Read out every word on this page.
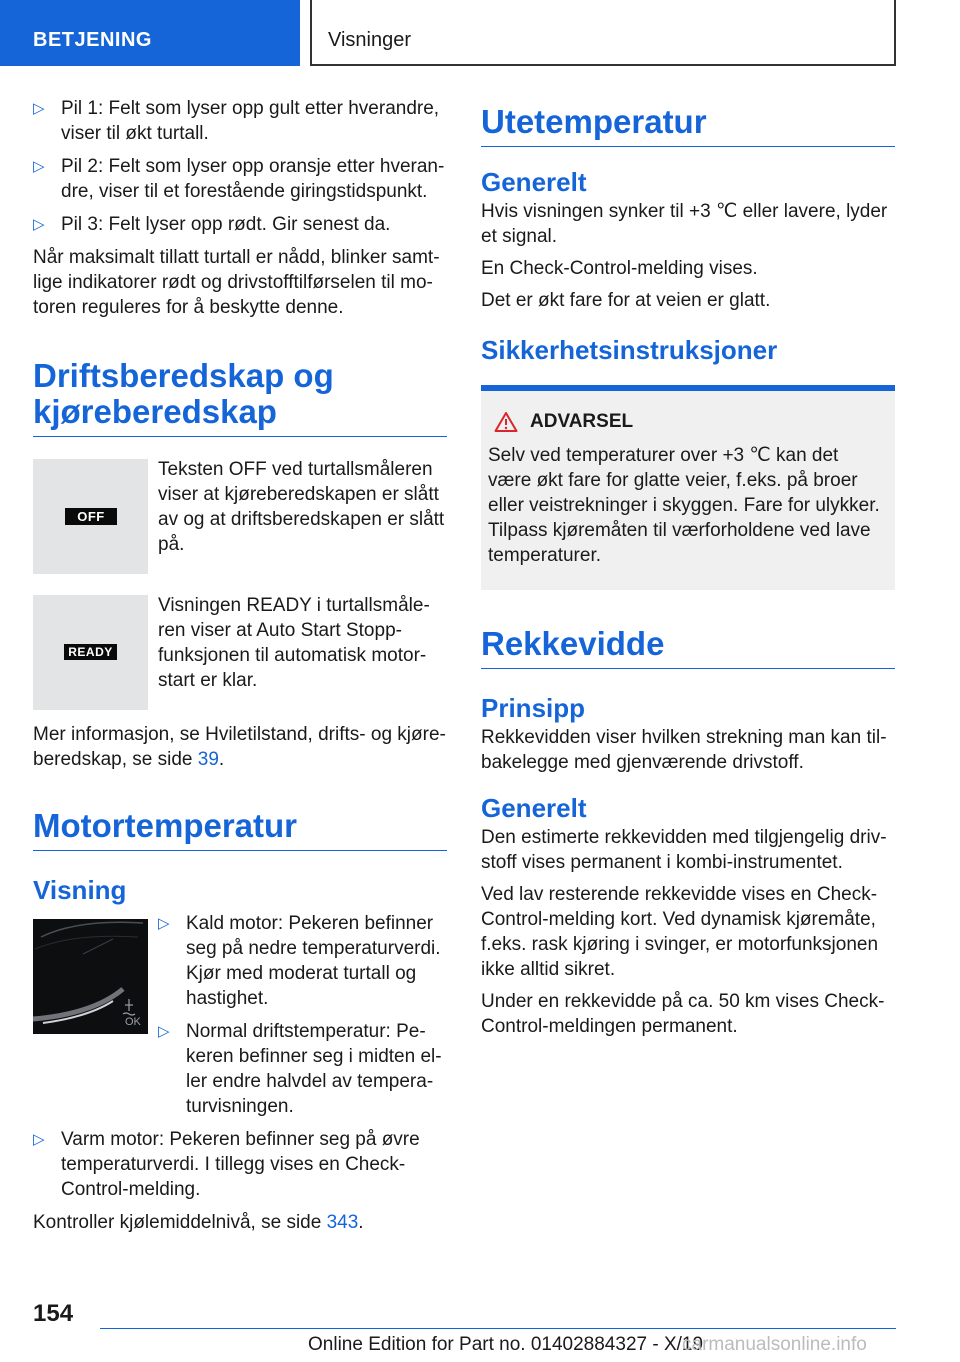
BETJENING	Visninger
▷ Pil 1: Felt som lyser opp gult etter hverandre, viser til økt turtall.
▷ Pil 2: Felt som lyser opp oransje etter hverandre, viser til et forestående giringstidspunkt.
▷ Pil 3: Felt lyser opp rødt. Gir senest da.

Når maksimalt tillatt turtall er nådd, blinker samtlige indikatorer rødt og drivstofftilførselen til motoren reguleres for å beskytte denne.

Driftsberedskap og kjøreberedskap
OFF
Teksten OFF ved turtallsmåleren viser at kjøreberedskapen er slått av og at driftsberedskapen er slått på.
READY
Visningen READY i turtallsmåleren viser at Auto Start Stopp-funksjonen til automatisk motorstart er klar.

Mer informasjon, se Hviletilstand, drifts- og kjøreberedskap, se side 39.

Motortemperatur
Visning
OK
▷ Kald motor: Pekeren befinner seg på nedre temperaturverdi. Kjør med moderat turtall og hastighet.
▷ Normal driftstemperatur: Pekeren befinner seg i midten eller endre halvdel av temperaturvisningen.
▷ Varm motor: Pekeren befinner seg på øvre temperaturverdi. I tillegg vises en Check-Control-melding.

Kontroller kjølemiddelnivå, se side 343.

Utetemperatur
Generelt

Hvis visningen synker til +3 ℃ eller lavere, lyder et signal.

En Check-Control-melding vises.

Det er økt fare for at veien er glatt.

Sikkerhetsinstruksjoner
ADVARSEL

Selv ved temperaturer over +3 ℃ kan det være økt fare for glatte veier, f.eks. på broer eller veistrekninger i skyggen. Fare for ulykker. Tilpass kjøremåten til værforholdene ved lave temperaturer.

Rekkevidde
Prinsipp

Rekkevidden viser hvilken strekning man kan tilbakelegge med gjenværende drivstoff.

Generelt

Den estimerte rekkevidden med tilgjengelig drivstoff vises permanent i kombi-instrumentet.

Ved lav resterende rekkevidde vises en Check-Control-melding kort. Ved dynamisk kjøremåte, f.eks. rask kjøring i svinger, er motorfunksjonen ikke alltid sikret.

Under en rekkevidde på ca. 50 km vises Check-Control-meldingen permanent.

154
Online Edition for Part no. 01402884327 - X/19
carmanualsonline.info
